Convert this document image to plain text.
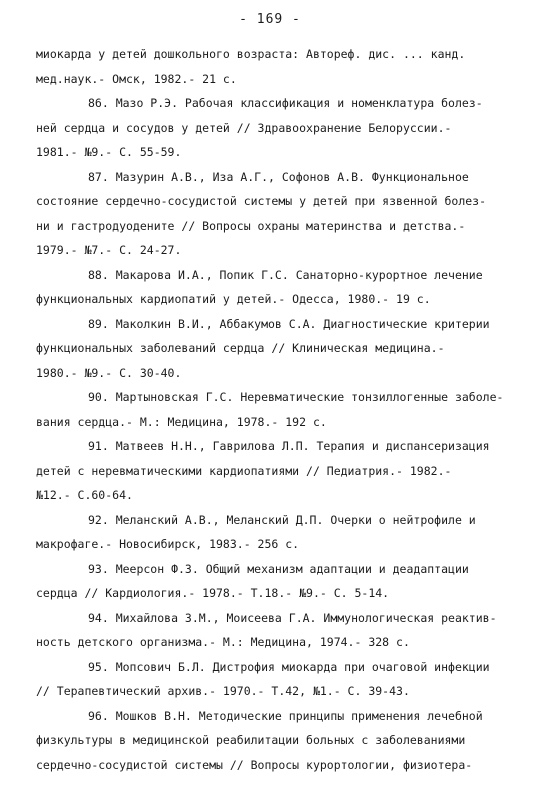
- 169 -
миокарда у детей дошкольного возраста: Автореф. дис. ... канд.
мед.наук.- Омск, 1982.- 21 с.
86. Мазо Р.Э. Рабочая классификация и номенклатура болез-
ней сердца и сосудов у детей // Здравоохранение Белоруссии.-
1981.- №9.- С. 55-59.
87. Мазурин А.В., Иза А.Г., Софонов А.В. Функциональное
состояние сердечно-сосудистой системы у детей при язвенной болез-
ни и гастродуодените // Вопросы охраны материнства и детства.-
1979.- №7.- С. 24-27.
88. Макарова И.А., Попик Г.С. Санаторно-курортное лечение
функциональных кардиопатий у детей.- Одесса, 1980.- 19 с.
89. Маколкин В.И., Аббакумов С.А. Диагностические критерии
функциональных заболеваний сердца // Клиническая медицина.-
1980.- №9.- С. 30-40.
90. Мартыновская Г.С. Неревматические тонзиллогенные заболе-
вания сердца.- М.: Медицина, 1978.- 192 с.
91. Матвеев Н.Н., Гаврилова Л.П. Терапия и диспансеризация
детей с неревматическими кардиопатиями // Педиатрия.- 1982.-
№12.- С.60-64.
92. Меланский А.В., Меланский Д.П. Очерки о нейтрофиле и
макрофаге.- Новосибирск, 1983.- 256 с.
93. Меерсон Ф.З. Общий механизм адаптации и деадаптации
сердца // Кардиология.- 1978.- Т.18.- №9.- С. 5-14.
94. Михайлова З.М., Моисеева Г.А. Иммунологическая реактив-
ность детского организма.- М.: Медицина, 1974.- 328 с.
95. Мопсович Б.Л. Дистрофия миокарда при очаговой инфекции
// Терапевтический архив.- 1970.- Т.42, №1.- С. 39-43.
96. Мошков В.Н. Методические принципы применения лечебной
физкультуры в медицинской реабилитации больных с заболеваниями
сердечно-сосудистой системы // Вопросы курортологии, физиотера-
